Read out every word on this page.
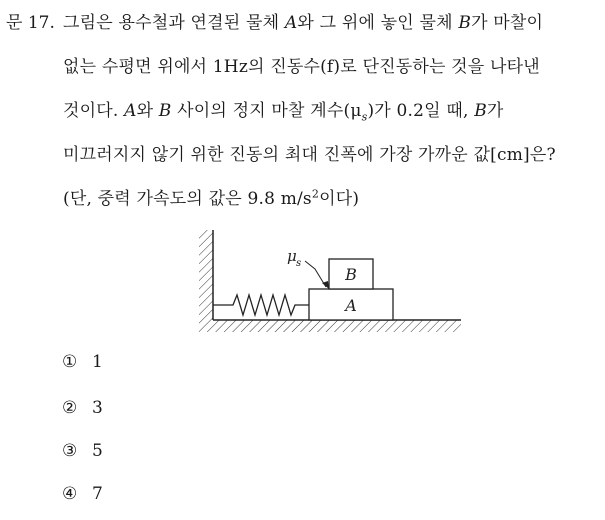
문 17. 그림은 용수철과 연결된 물체 A와 그 위에 놓인 물체 B가 마찰이
없는 수평면 위에서 1Hz의 진동수(f)로 단진동하는 것을 나타낸
것이다. A와 B 사이의 정지 마찰 계수$(\mu_s)$가 0.2일 때, B가
미끄러지지 않기 위한 진동의 최대 진폭에 가장 가까운 값[cm]은?
(단, 중력 가속도의 값은 9.8 $m/s^2$이다)
A
B
μ s
① 1
② 3
③ 5
④ 7
